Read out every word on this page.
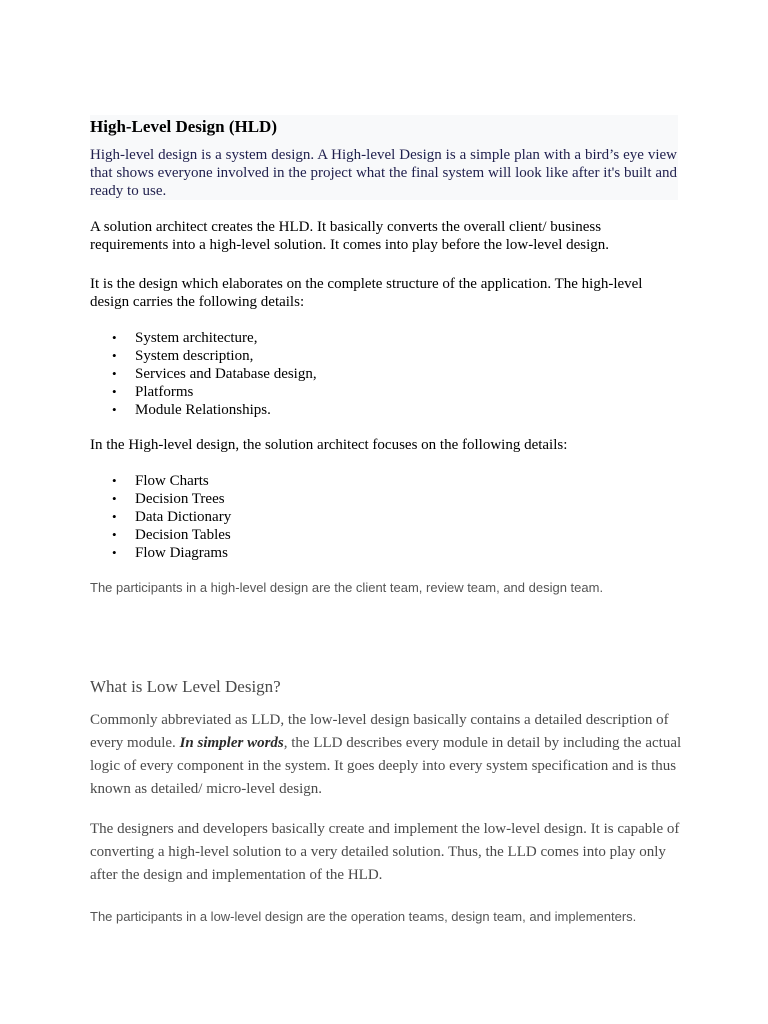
High-Level Design (HLD)

High-level design is a system design. A High-level Design is a simple plan with a bird’s eye view that shows everyone involved in the project what the final system will look like after it's built and ready to use.

A solution architect creates the HLD. It basically converts the overall client/ business
requirements into a high-level solution. It comes into play before the low-level design.

It is the design which elaborates on the complete structure of the application. The high-level
design carries the following details:

• System architecture,
• System description,
• Services and Database design,
• Platforms
• Module Relationships.

In the High-level design, the solution architect focuses on the following details:

• Flow Charts
• Decision Trees
• Data Dictionary
• Decision Tables
• Flow Diagrams

The participants in a high-level design are the client team, review team, and design team.

What is Low Level Design?

Commonly abbreviated as LLD, the low-level design basically contains a detailed description of every module. In simpler words, the LLD describes every module in detail by including the actual logic of every component in the system. It goes deeply into every system specification and is thus known as detailed/ micro-level design.

The designers and developers basically create and implement the low-level design. It is capable of converting a high-level solution to a very detailed solution. Thus, the LLD comes into play only after the design and implementation of the HLD.

The participants in a low-level design are the operation teams, design team, and implementers.
